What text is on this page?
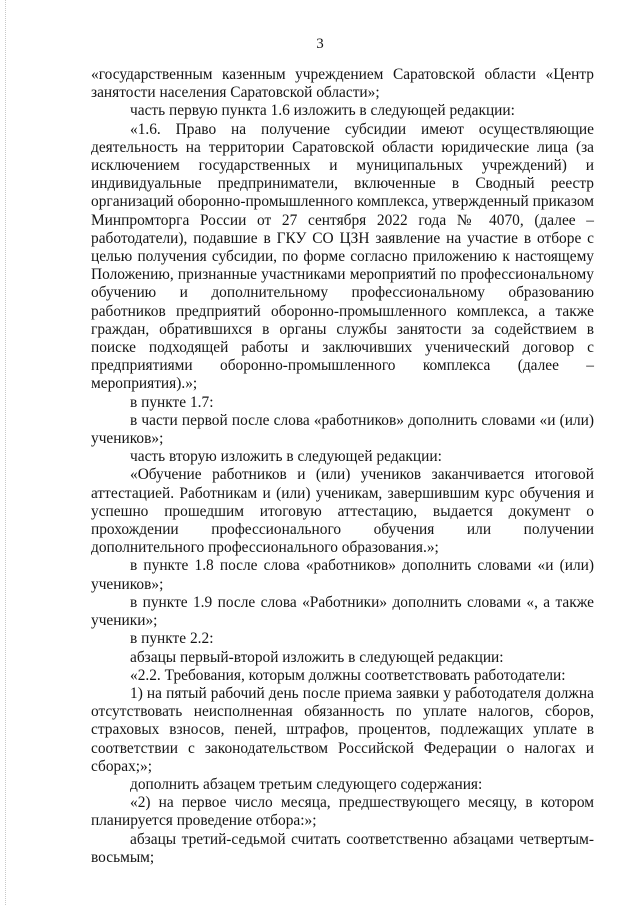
3

«государственным казенным учреждением Саратовской области «Центр занятости населения Саратовской области»;

часть первую пункта 1.6 изложить в следующей редакции:

«1.6. Право на получение субсидии имеют осуществляющие деятельность на территории Саратовской области юридические лица (за исключением государственных и муниципальных учреждений) и индивидуальные предприниматели, включенные в Сводный реестр организаций оборонно-промышленного комплекса, утвержденный приказом Минпромторга России от 27 сентября 2022 года № 4070, (далее – работодатели), подавшие в ГКУ СО ЦЗН заявление на участие в отборе с целью получения субсидии, по форме согласно приложению к настоящему Положению, признанные участниками мероприятий по профессиональному обучению и дополнительному профессиональному образованию работников предприятий оборонно-промышленного комплекса, а также граждан, обратившихся в органы службы занятости за содействием в поиске подходящей работы и заключивших ученический договор с предприятиями оборонно-промышленного комплекса (далее – мероприятия).»;

в пункте 1.7:

в части первой после слова «работников» дополнить словами «и (или) учеников»;

часть вторую изложить в следующей редакции:

«Обучение работников и (или) учеников заканчивается итоговой аттестацией. Работникам и (или) ученикам, завершившим курс обучения и успешно прошедшим итоговую аттестацию, выдается документ о прохождении профессионального обучения или получении дополнительного профессионального образования.»;

в пункте 1.8 после слова «работников» дополнить словами «и (или) учеников»;

в пункте 1.9 после слова «Работники» дополнить словами «, а также ученики»;

в пункте 2.2:

абзацы первый-второй изложить в следующей редакции:

«2.2. Требования, которым должны соответствовать работодатели:

1) на пятый рабочий день после приема заявки у работодателя должна отсутствовать неисполненная обязанность по уплате налогов, сборов, страховых взносов, пеней, штрафов, процентов, подлежащих уплате в соответствии с законодательством Российской Федерации о налогах и сборах;»;

дополнить абзацем третьим следующего содержания:

«2) на первое число месяца, предшествующего месяцу, в котором планируется проведение отбора:»;

абзацы третий-седьмой считать соответственно абзацами четвертым-восьмым;
